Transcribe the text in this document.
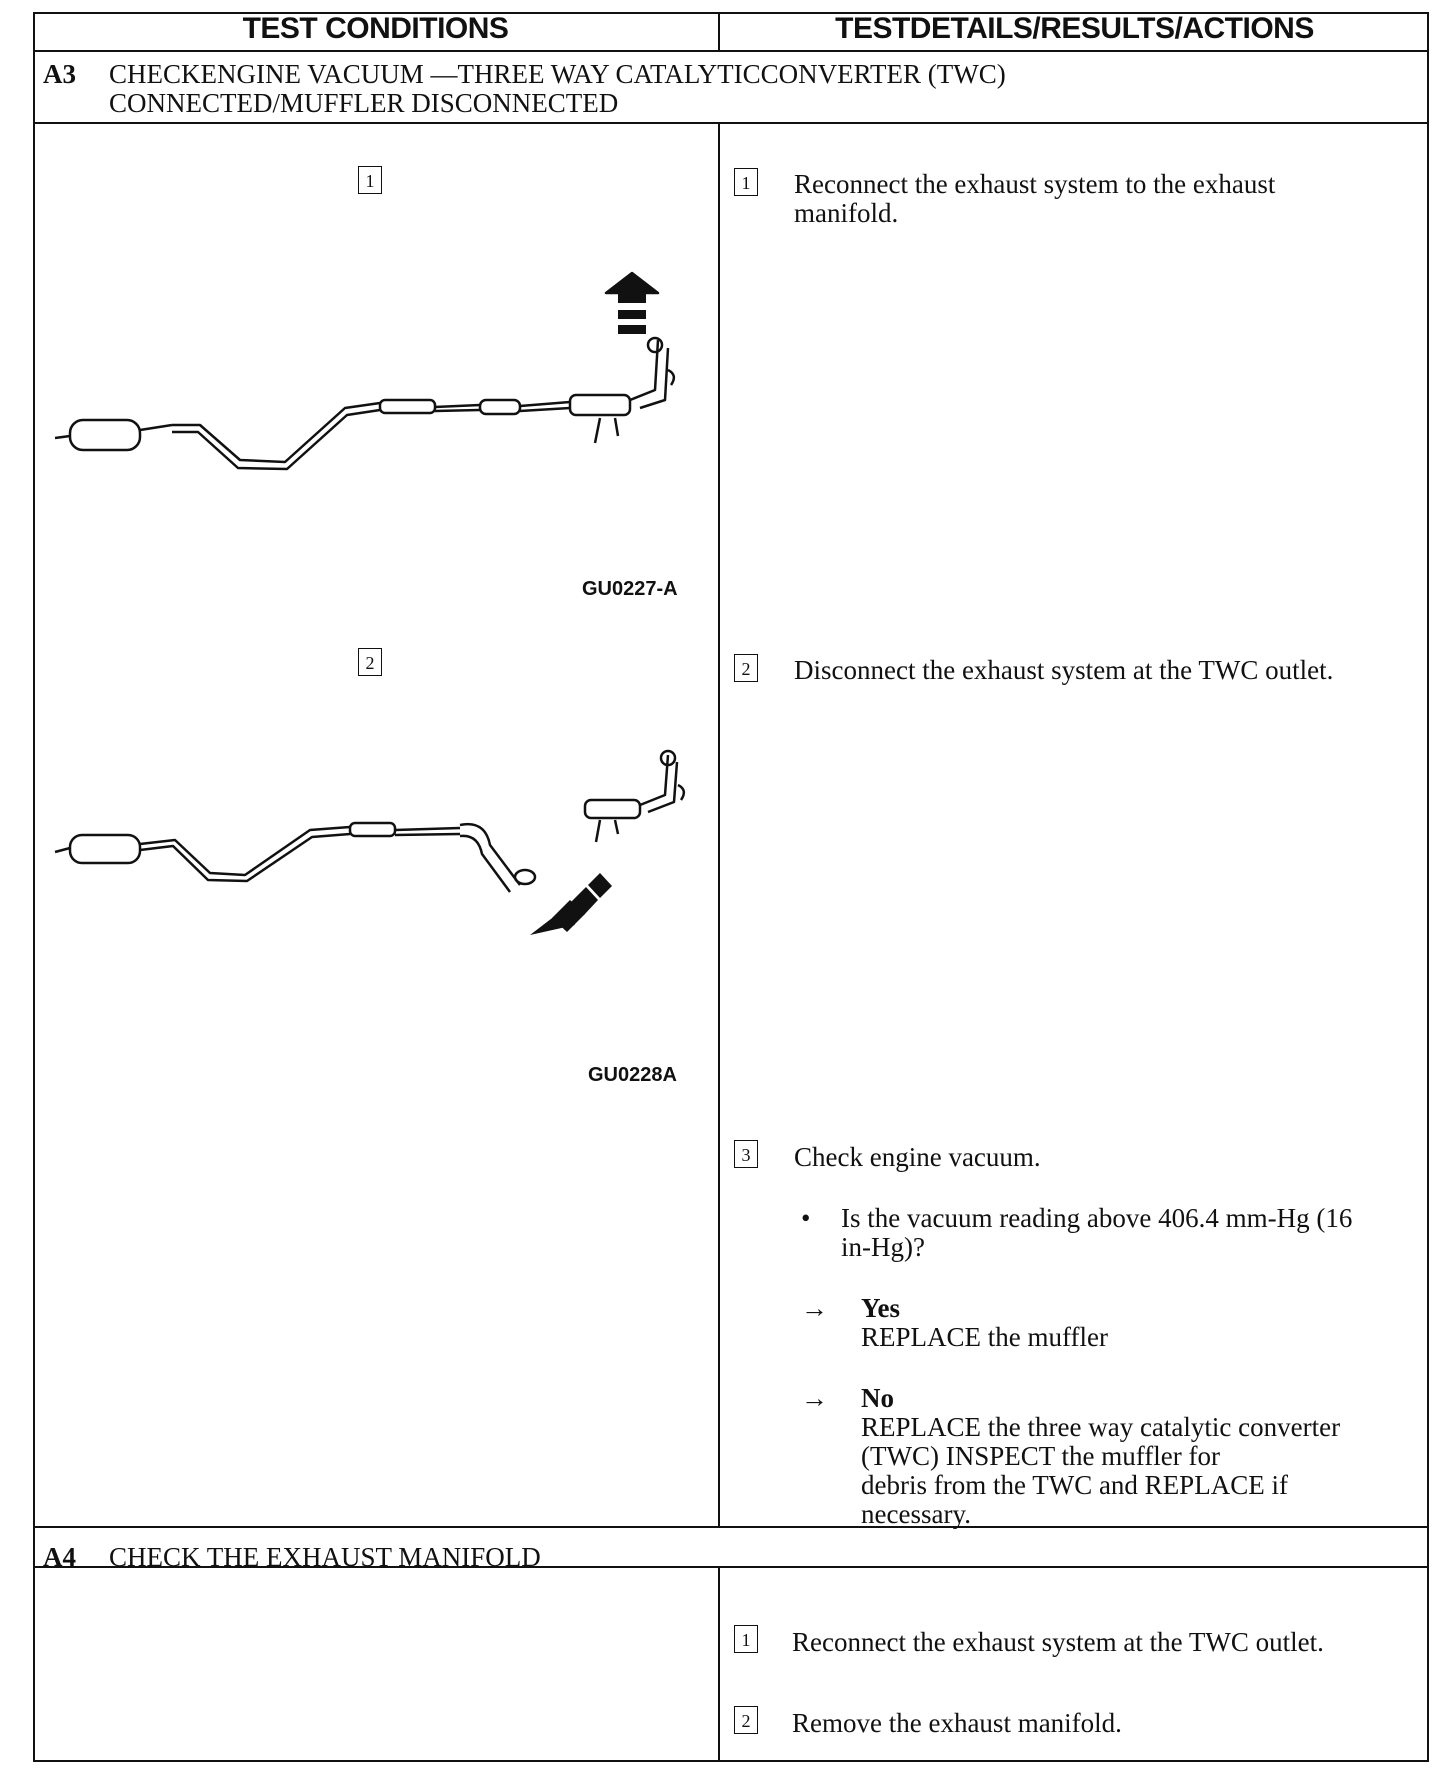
TEST CONDITIONS	TESTDETAILS/RESULTS/ACTIONS
A3 CHECKENGINE VACUUM —THREE WAY CATALYTICCONVERTER (TWC)
CONNECTED/MUFFLER DISCONNECTED
1
GU0227-A
2
GU0228A
1 Reconnect the exhaust system to the exhaust
manifold.
2 Disconnect the exhaust system at the TWC outlet.
3 Check engine vacuum.
• Is the vacuum reading above 406.4 mm-Hg (16
in-Hg)?
→ Yes
REPLACE the muffler
→ No
REPLACE the three way catalytic converter
(TWC) INSPECT the muffler for
debris from the TWC and REPLACE if
necessary.
A4 CHECK THE EXHAUST MANIFOLD
1 Reconnect the exhaust system at the TWC outlet.
2 Remove the exhaust manifold.
